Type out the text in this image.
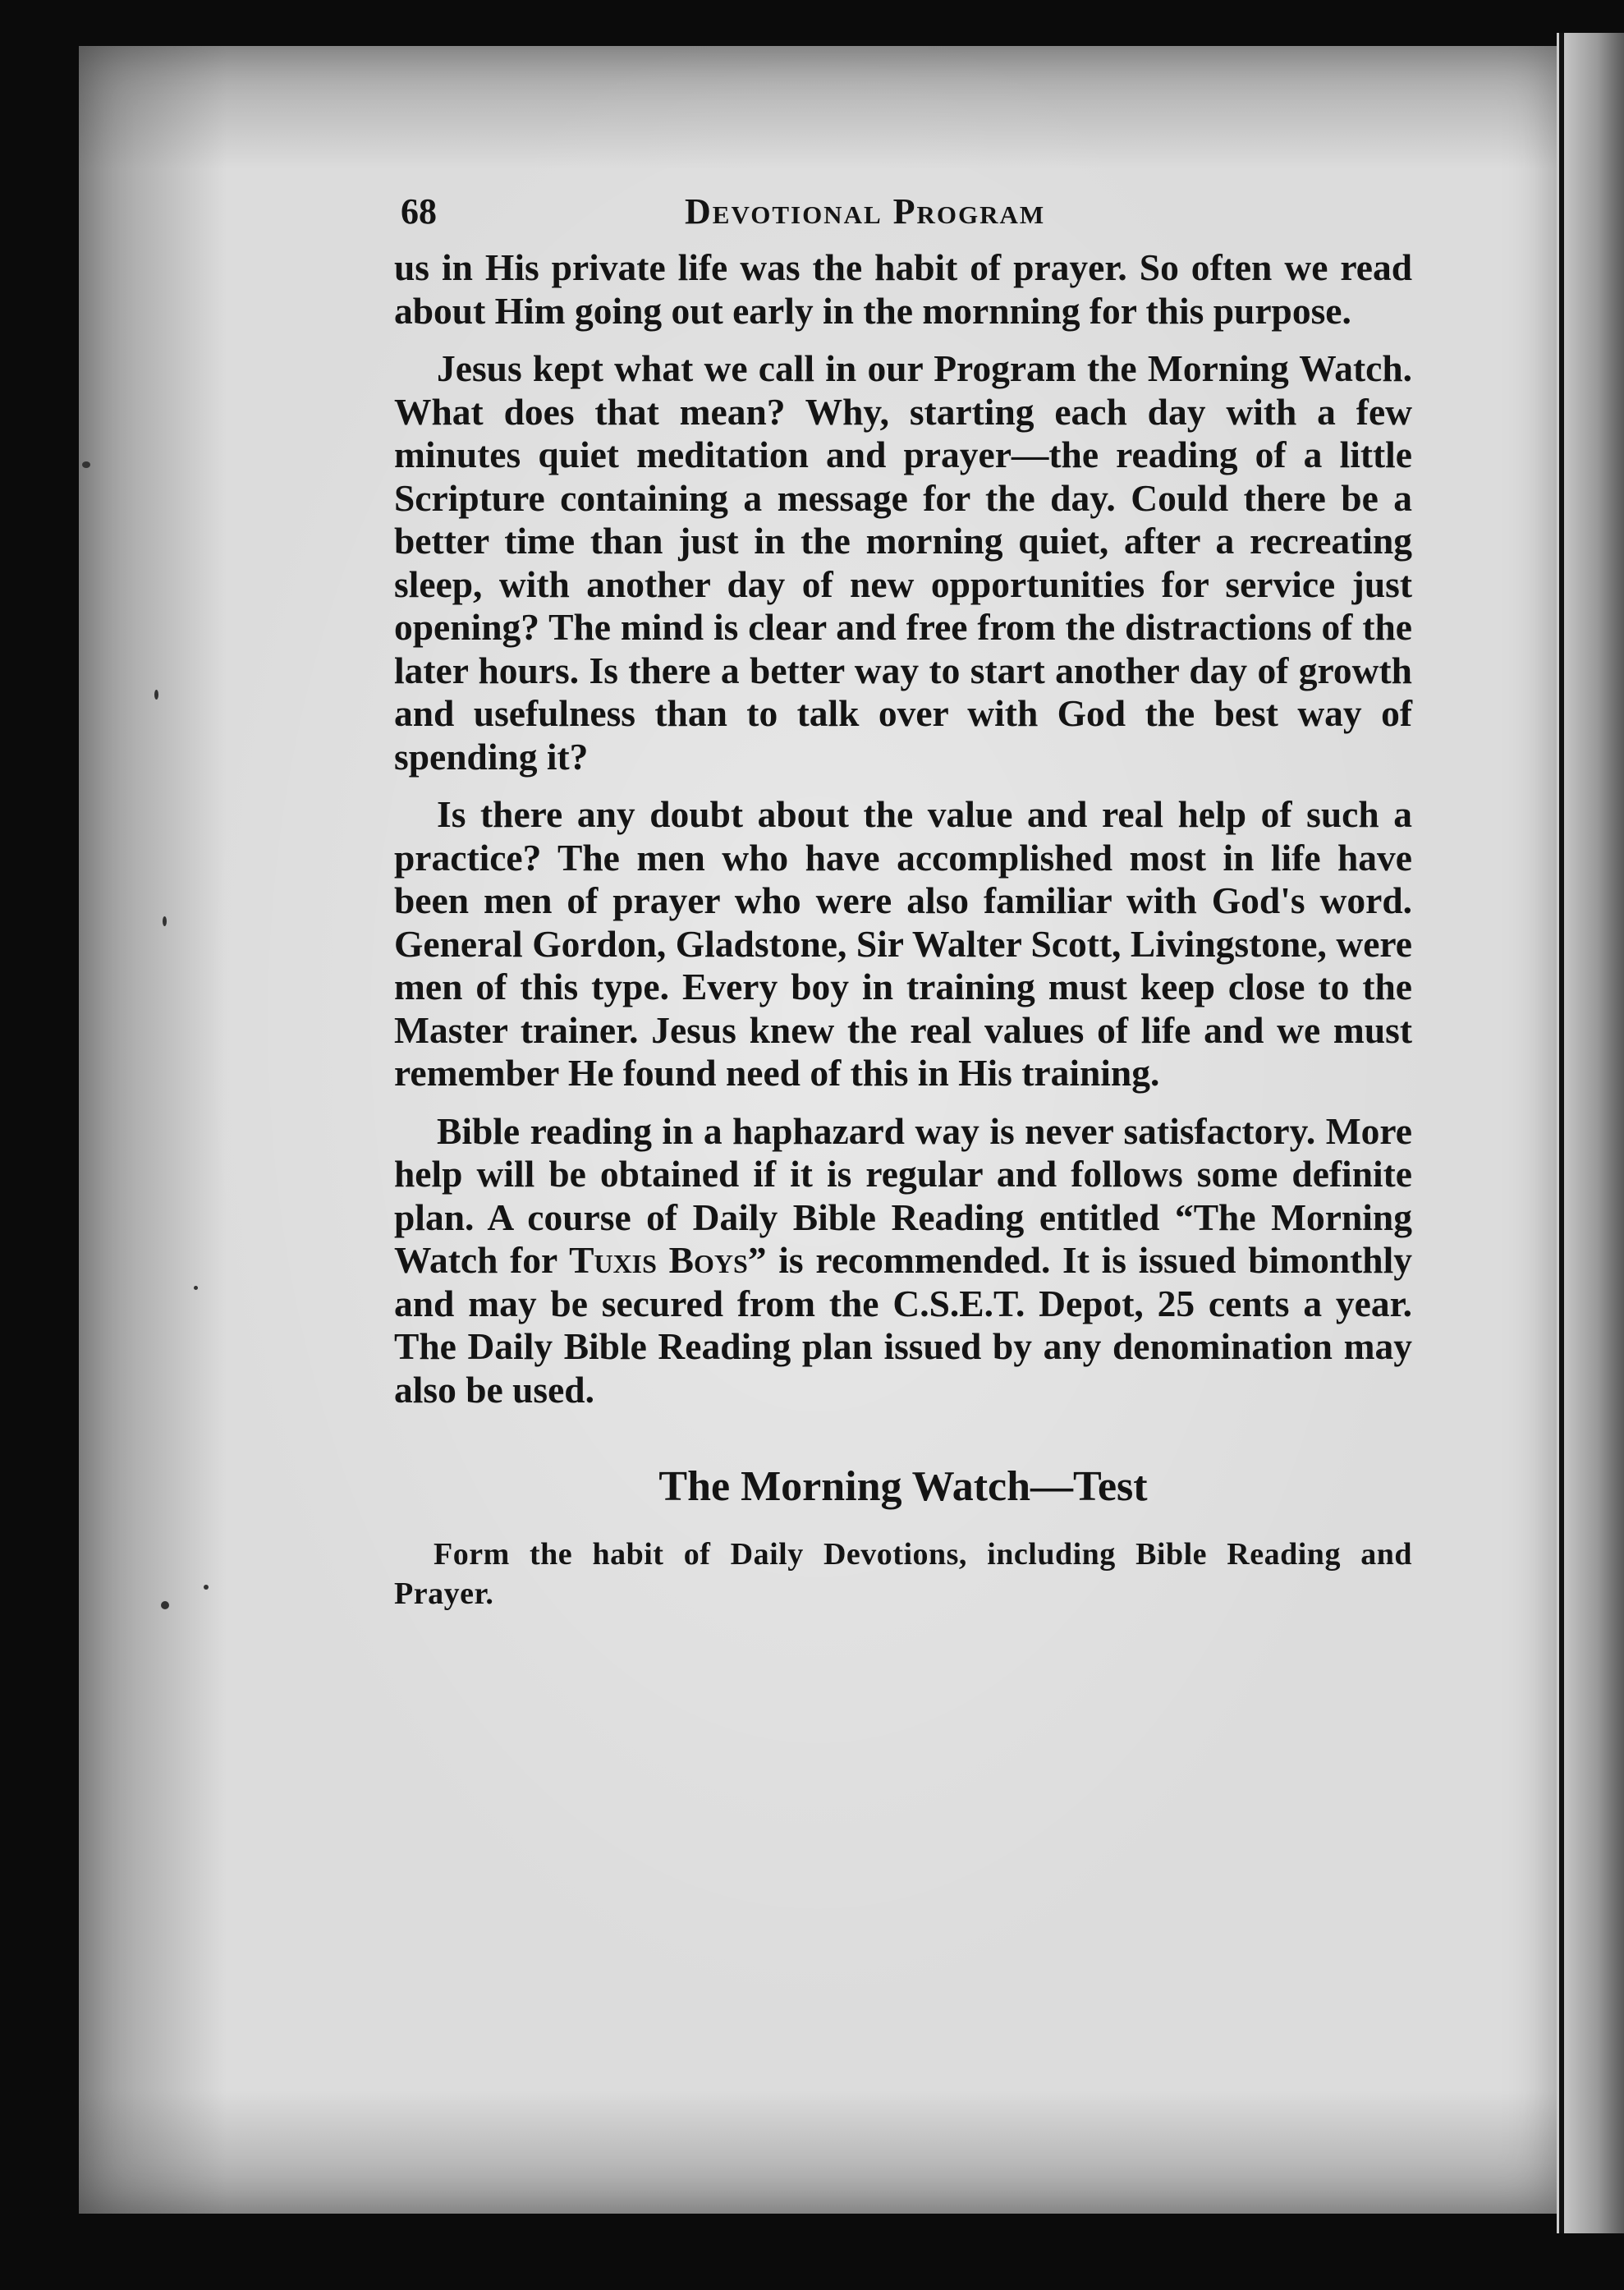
68	Devotional Program

us in His private life was the habit of prayer. So often we read about Him going out early in the mornning for this purpose.

Jesus kept what we call in our Program the Morning Watch. What does that mean? Why, starting each day with a few minutes quiet meditation and prayer—the reading of a little Scripture containing a message for the day. Could there be a better time than just in the morning quiet, after a recreating sleep, with another day of new opportunities for service just opening? The mind is clear and free from the distractions of the later hours. Is there a better way to start another day of growth and usefulness than to talk over with God the best way of spending it?

Is there any doubt about the value and real help of such a practice? The men who have accomplished most in life have been men of prayer who were also familiar with God's word. General Gordon, Gladstone, Sir Walter Scott, Livingstone, were men of this type. Every boy in training must keep close to the Master trainer. Jesus knew the real values of life and we must remember He found need of this in His training.

Bible reading in a haphazard way is never satisfactory. More help will be obtained if it is regular and follows some definite plan. A course of Daily Bible Reading entitled “The Morning Watch for Tuxis Boys” is recommended. It is issued bimonthly and may be secured from the C.S.E.T. Depot, 25 cents a year. The Daily Bible Reading plan issued by any denomination may also be used.

The Morning Watch—Test

Form the habit of Daily Devotions, including Bible Reading and Prayer.
